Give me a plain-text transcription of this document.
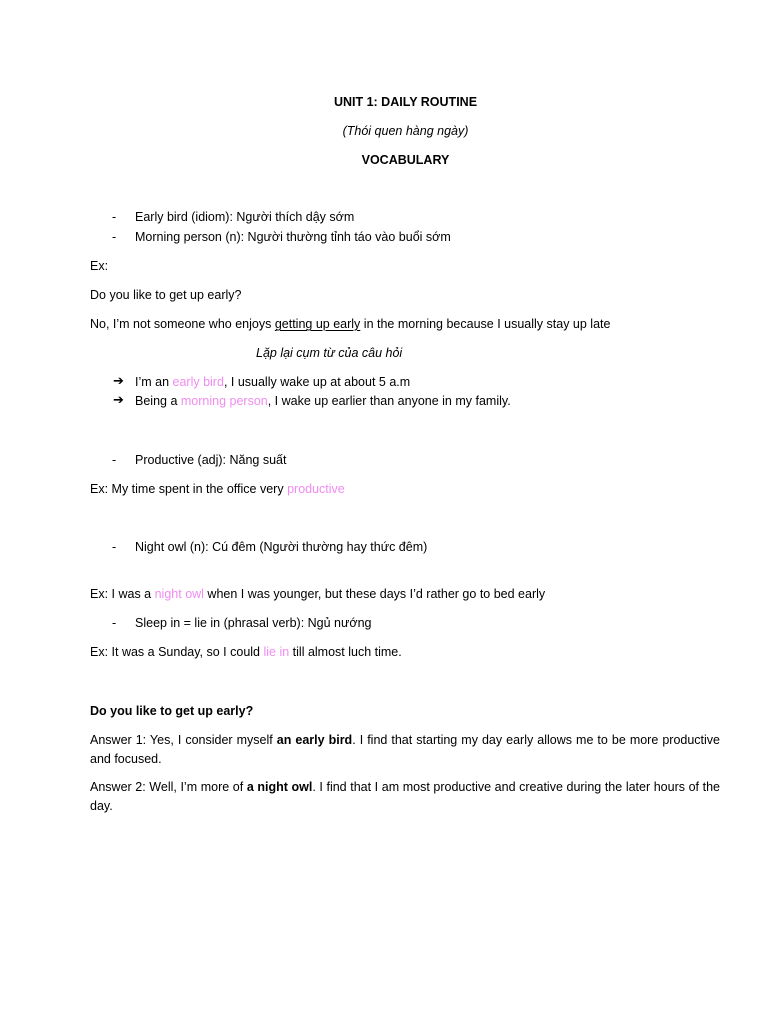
UNIT 1: DAILY ROUTINE
(Thói quen hàng ngày)
VOCABULARY
- Early bird (idiom): Người thích dậy sớm
- Morning person (n): Người thường tỉnh táo vào buổi sớm
Ex:
Do you like to get up early?
No, I’m not someone who enjoys getting up early in the morning because I usually stay up late
Lặp lại cụm từ của câu hỏi
➔ I’m an early bird, I usually wake up at about 5 a.m
➔ Being a morning person, I wake up earlier than anyone in my family.
- Productive (adj): Năng suất
Ex: My time spent in the office very productive
- Night owl (n): Cú đêm (Người thường hay thức đêm)
Ex: I was a night owl when I was younger, but these days I’d rather go to bed early
- Sleep in = lie in (phrasal verb): Ngủ nướng
Ex: It was a Sunday, so I could lie in till almost luch time.
Do you like to get up early?
Answer 1: Yes, I consider myself an early bird. I find that starting my day early allows me to be more productive and focused.
Answer 2: Well, I’m more of a night owl. I find that I am most productive and creative during the later hours of the day.
